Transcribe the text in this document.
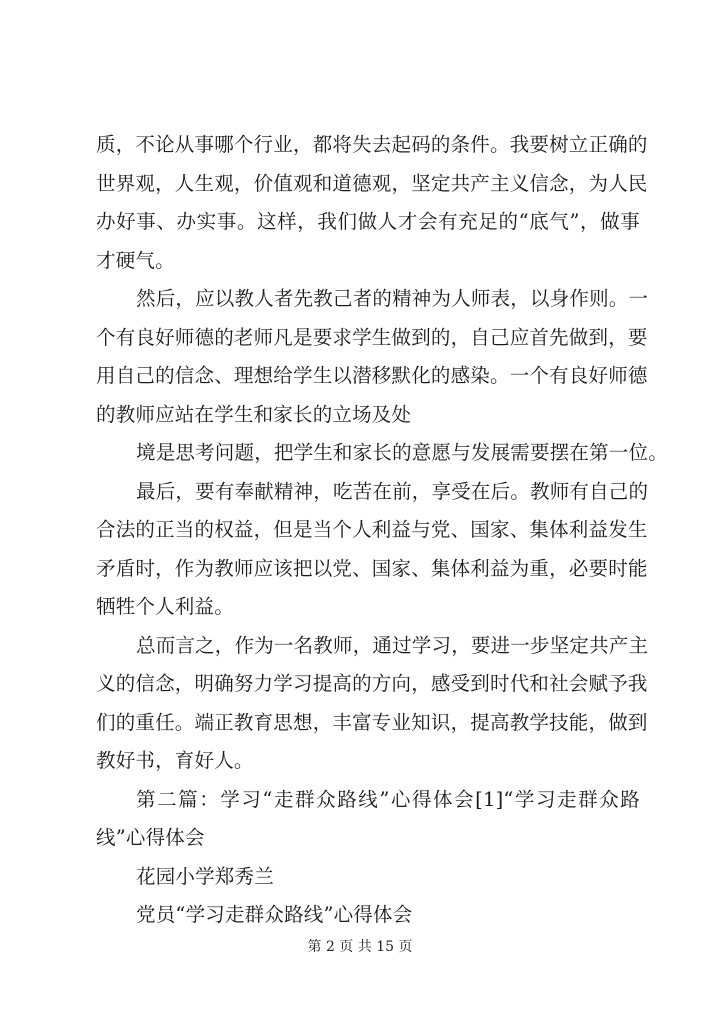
质，不论从事哪个行业，都将失去起码的条件。我要树立正确的
世界观，人生观，价值观和道德观，坚定共产主义信念，为人民
办好事、办实事。这样，我们做人才会有充足的“底气”，做事
才硬气。
然后，应以教人者先教己者的精神为人师表，以身作则。一
个有良好师德的老师凡是要求学生做到的，自己应首先做到，要
用自己的信念、理想给学生以潜移默化的感染。一个有良好师德
的教师应站在学生和家长的立场及处
境是思考问题，把学生和家长的意愿与发展需要摆在第一位。
最后，要有奉献精神，吃苦在前，享受在后。教师有自己的
合法的正当的权益，但是当个人利益与党、国家、集体利益发生
矛盾时，作为教师应该把以党、国家、集体利益为重，必要时能
牺牲个人利益。
总而言之，作为一名教师，通过学习，要进一步坚定共产主
义的信念，明确努力学习提高的方向，感受到时代和社会赋予我
们的重任。端正教育思想，丰富专业知识，提高教学技能，做到
教好书，育好人。
第二篇：学习“走群众路线”心得体会[1]“学习走群众路
线”心得体会
花园小学郑秀兰
党员“学习走群众路线”心得体会
第 2 页 共 15 页
